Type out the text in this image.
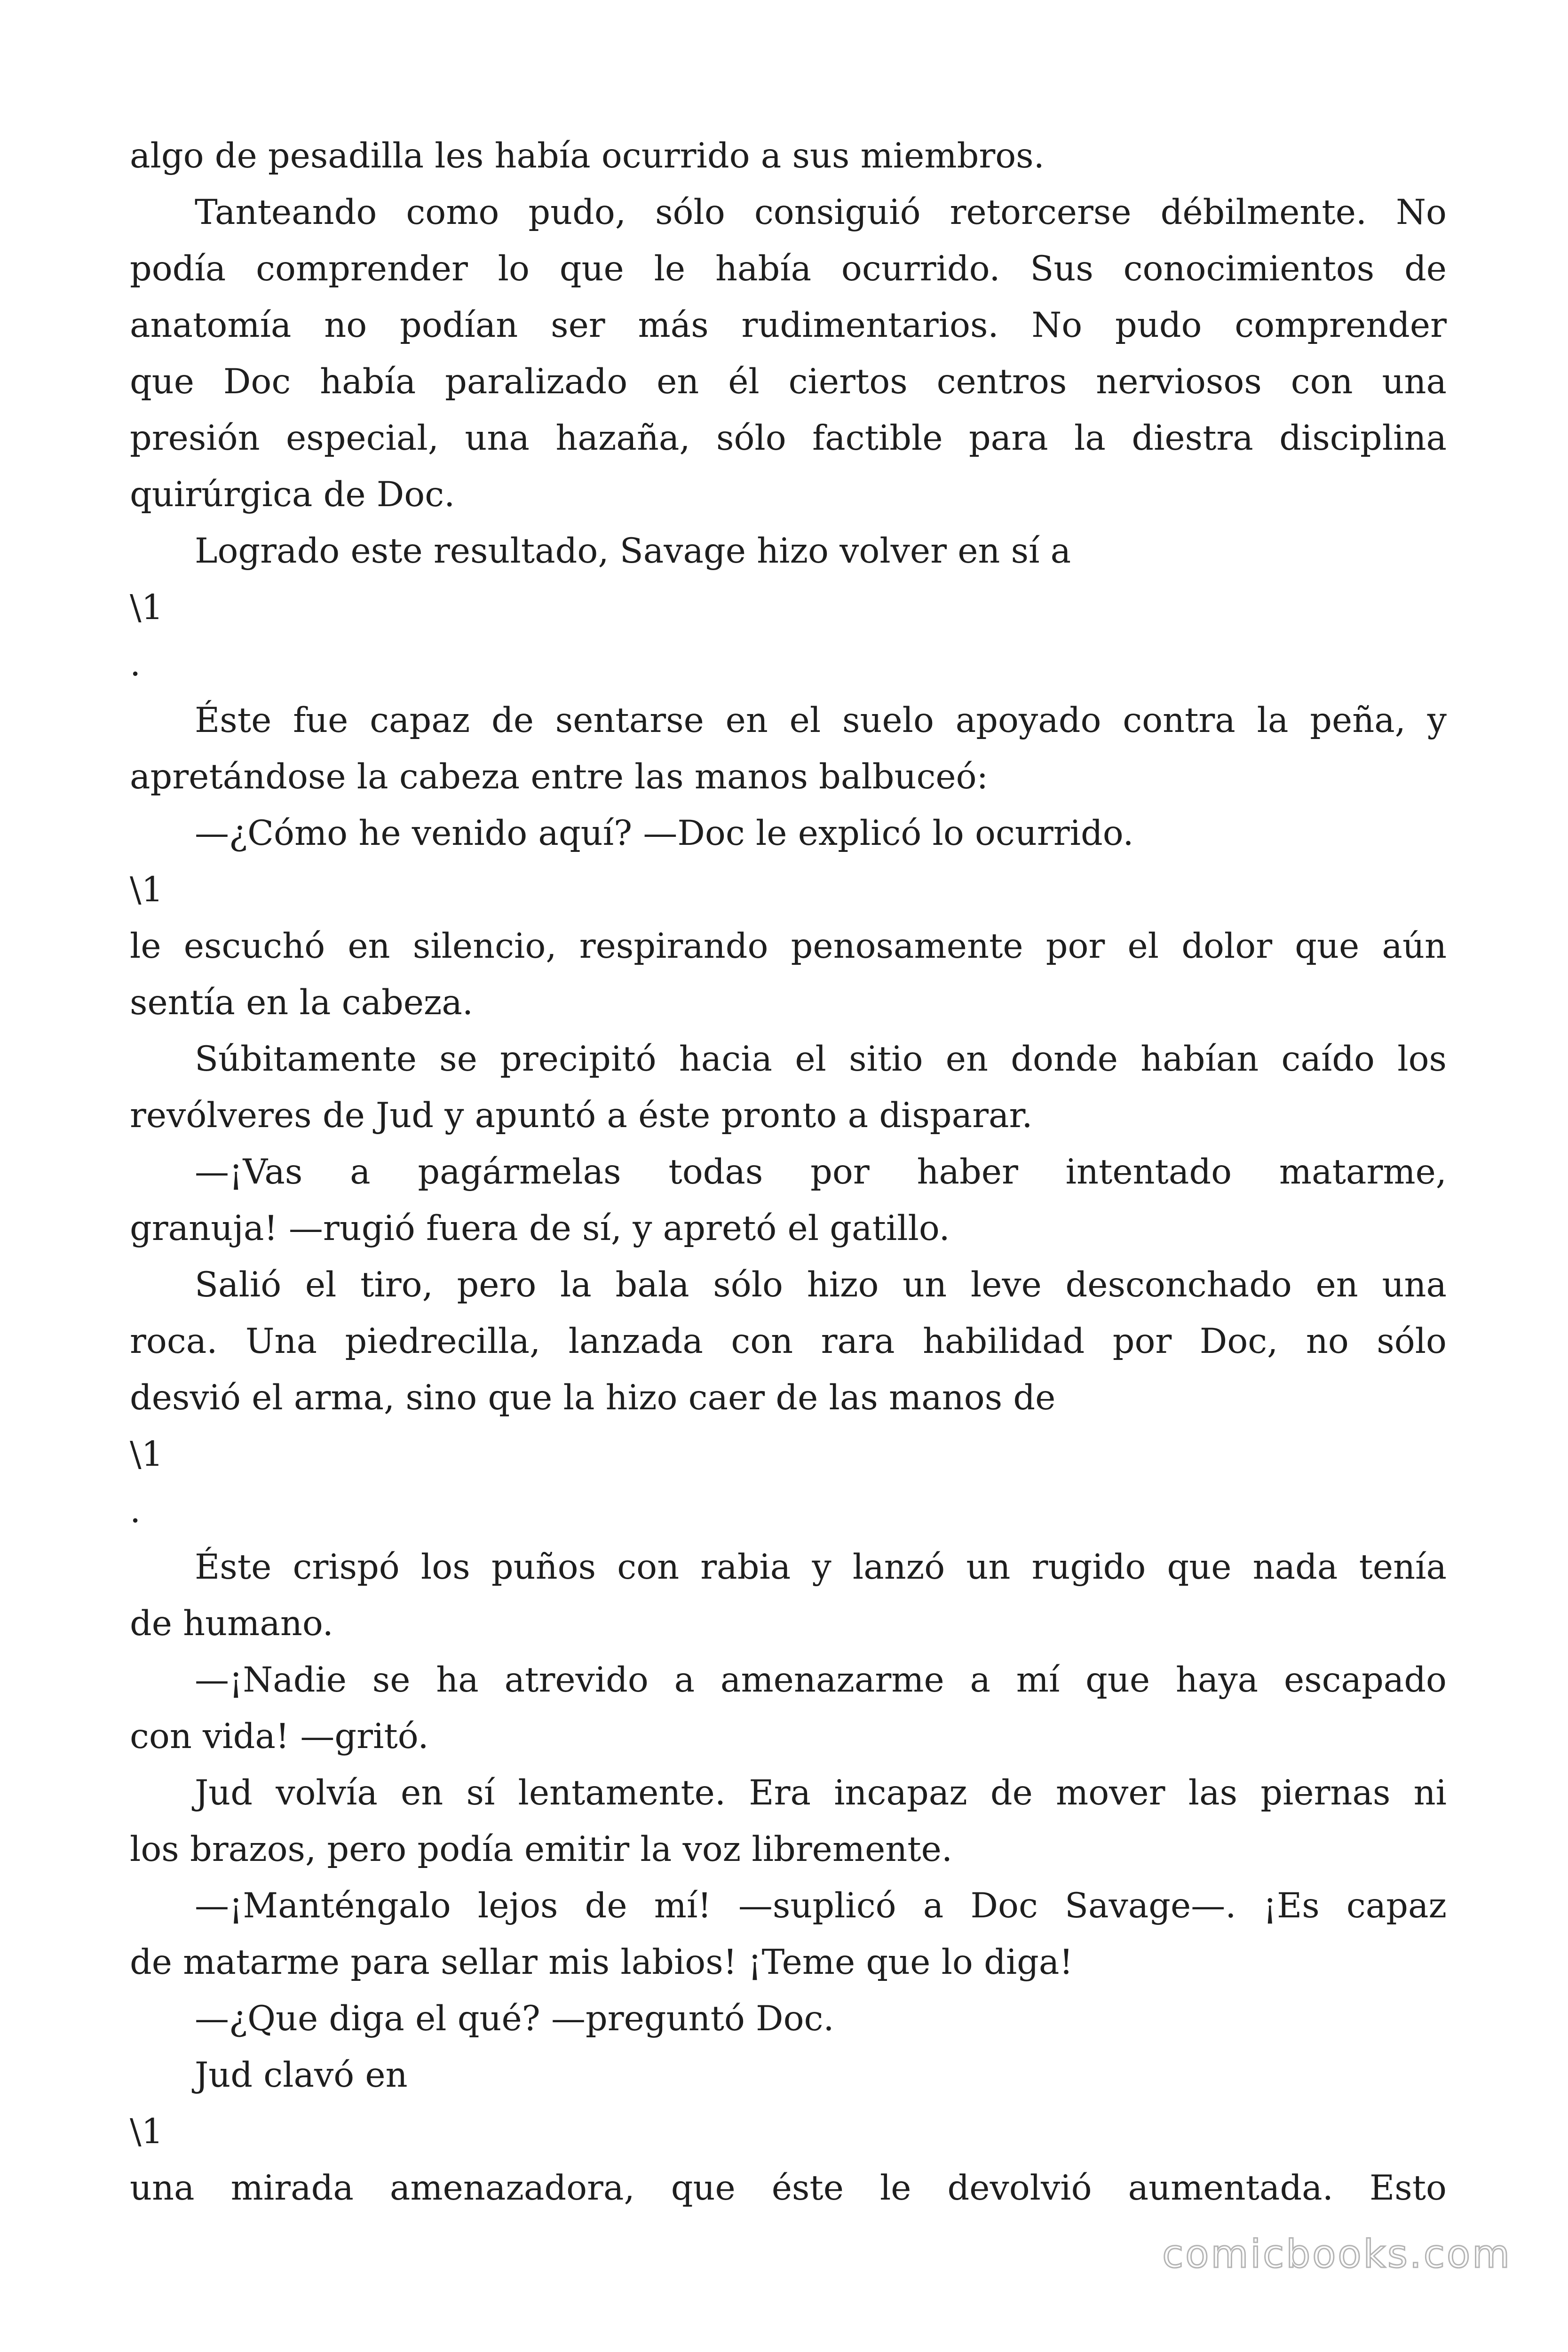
algo de pesadilla les había ocurrido a sus miembros.
Tanteando como pudo, sólo consiguió retorcerse débilmente. No
podía comprender lo que le había ocurrido. Sus conocimientos de
anatomía no podían ser más rudimentarios. No pudo comprender
que Doc había paralizado en él ciertos centros nerviosos con una
presión especial, una hazaña, sólo factible para la diestra disciplina
quirúrgica de Doc.
Logrado este resultado, Savage hizo volver en sí a
\1
.
Éste fue capaz de sentarse en el suelo apoyado contra la peña, y
apretándose la cabeza entre las manos balbuceó:
—¿Cómo he venido aquí? —Doc le explicó lo ocurrido.
\1
le escuchó en silencio, respirando penosamente por el dolor que aún
sentía en la cabeza.
Súbitamente se precipitó hacia el sitio en donde habían caído los
revólveres de Jud y apuntó a éste pronto a disparar.
—¡Vas a pagármelas todas por haber intentado matarme,
granuja! —rugió fuera de sí, y apretó el gatillo.
Salió el tiro, pero la bala sólo hizo un leve desconchado en una
roca. Una piedrecilla, lanzada con rara habilidad por Doc, no sólo
desvió el arma, sino que la hizo caer de las manos de
\1
.
Éste crispó los puños con rabia y lanzó un rugido que nada tenía
de humano.
—¡Nadie se ha atrevido a amenazarme a mí que haya escapado
con vida! —gritó.
Jud volvía en sí lentamente. Era incapaz de mover las piernas ni
los brazos, pero podía emitir la voz libremente.
—¡Manténgalo lejos de mí! —suplicó a Doc Savage—. ¡Es capaz
de matarme para sellar mis labios! ¡Teme que lo diga!
—¿Que diga el qué? —preguntó Doc.
Jud clavó en
\1
una mirada amenazadora, que éste le devolvió aumentada. Esto
comicbooks.com
